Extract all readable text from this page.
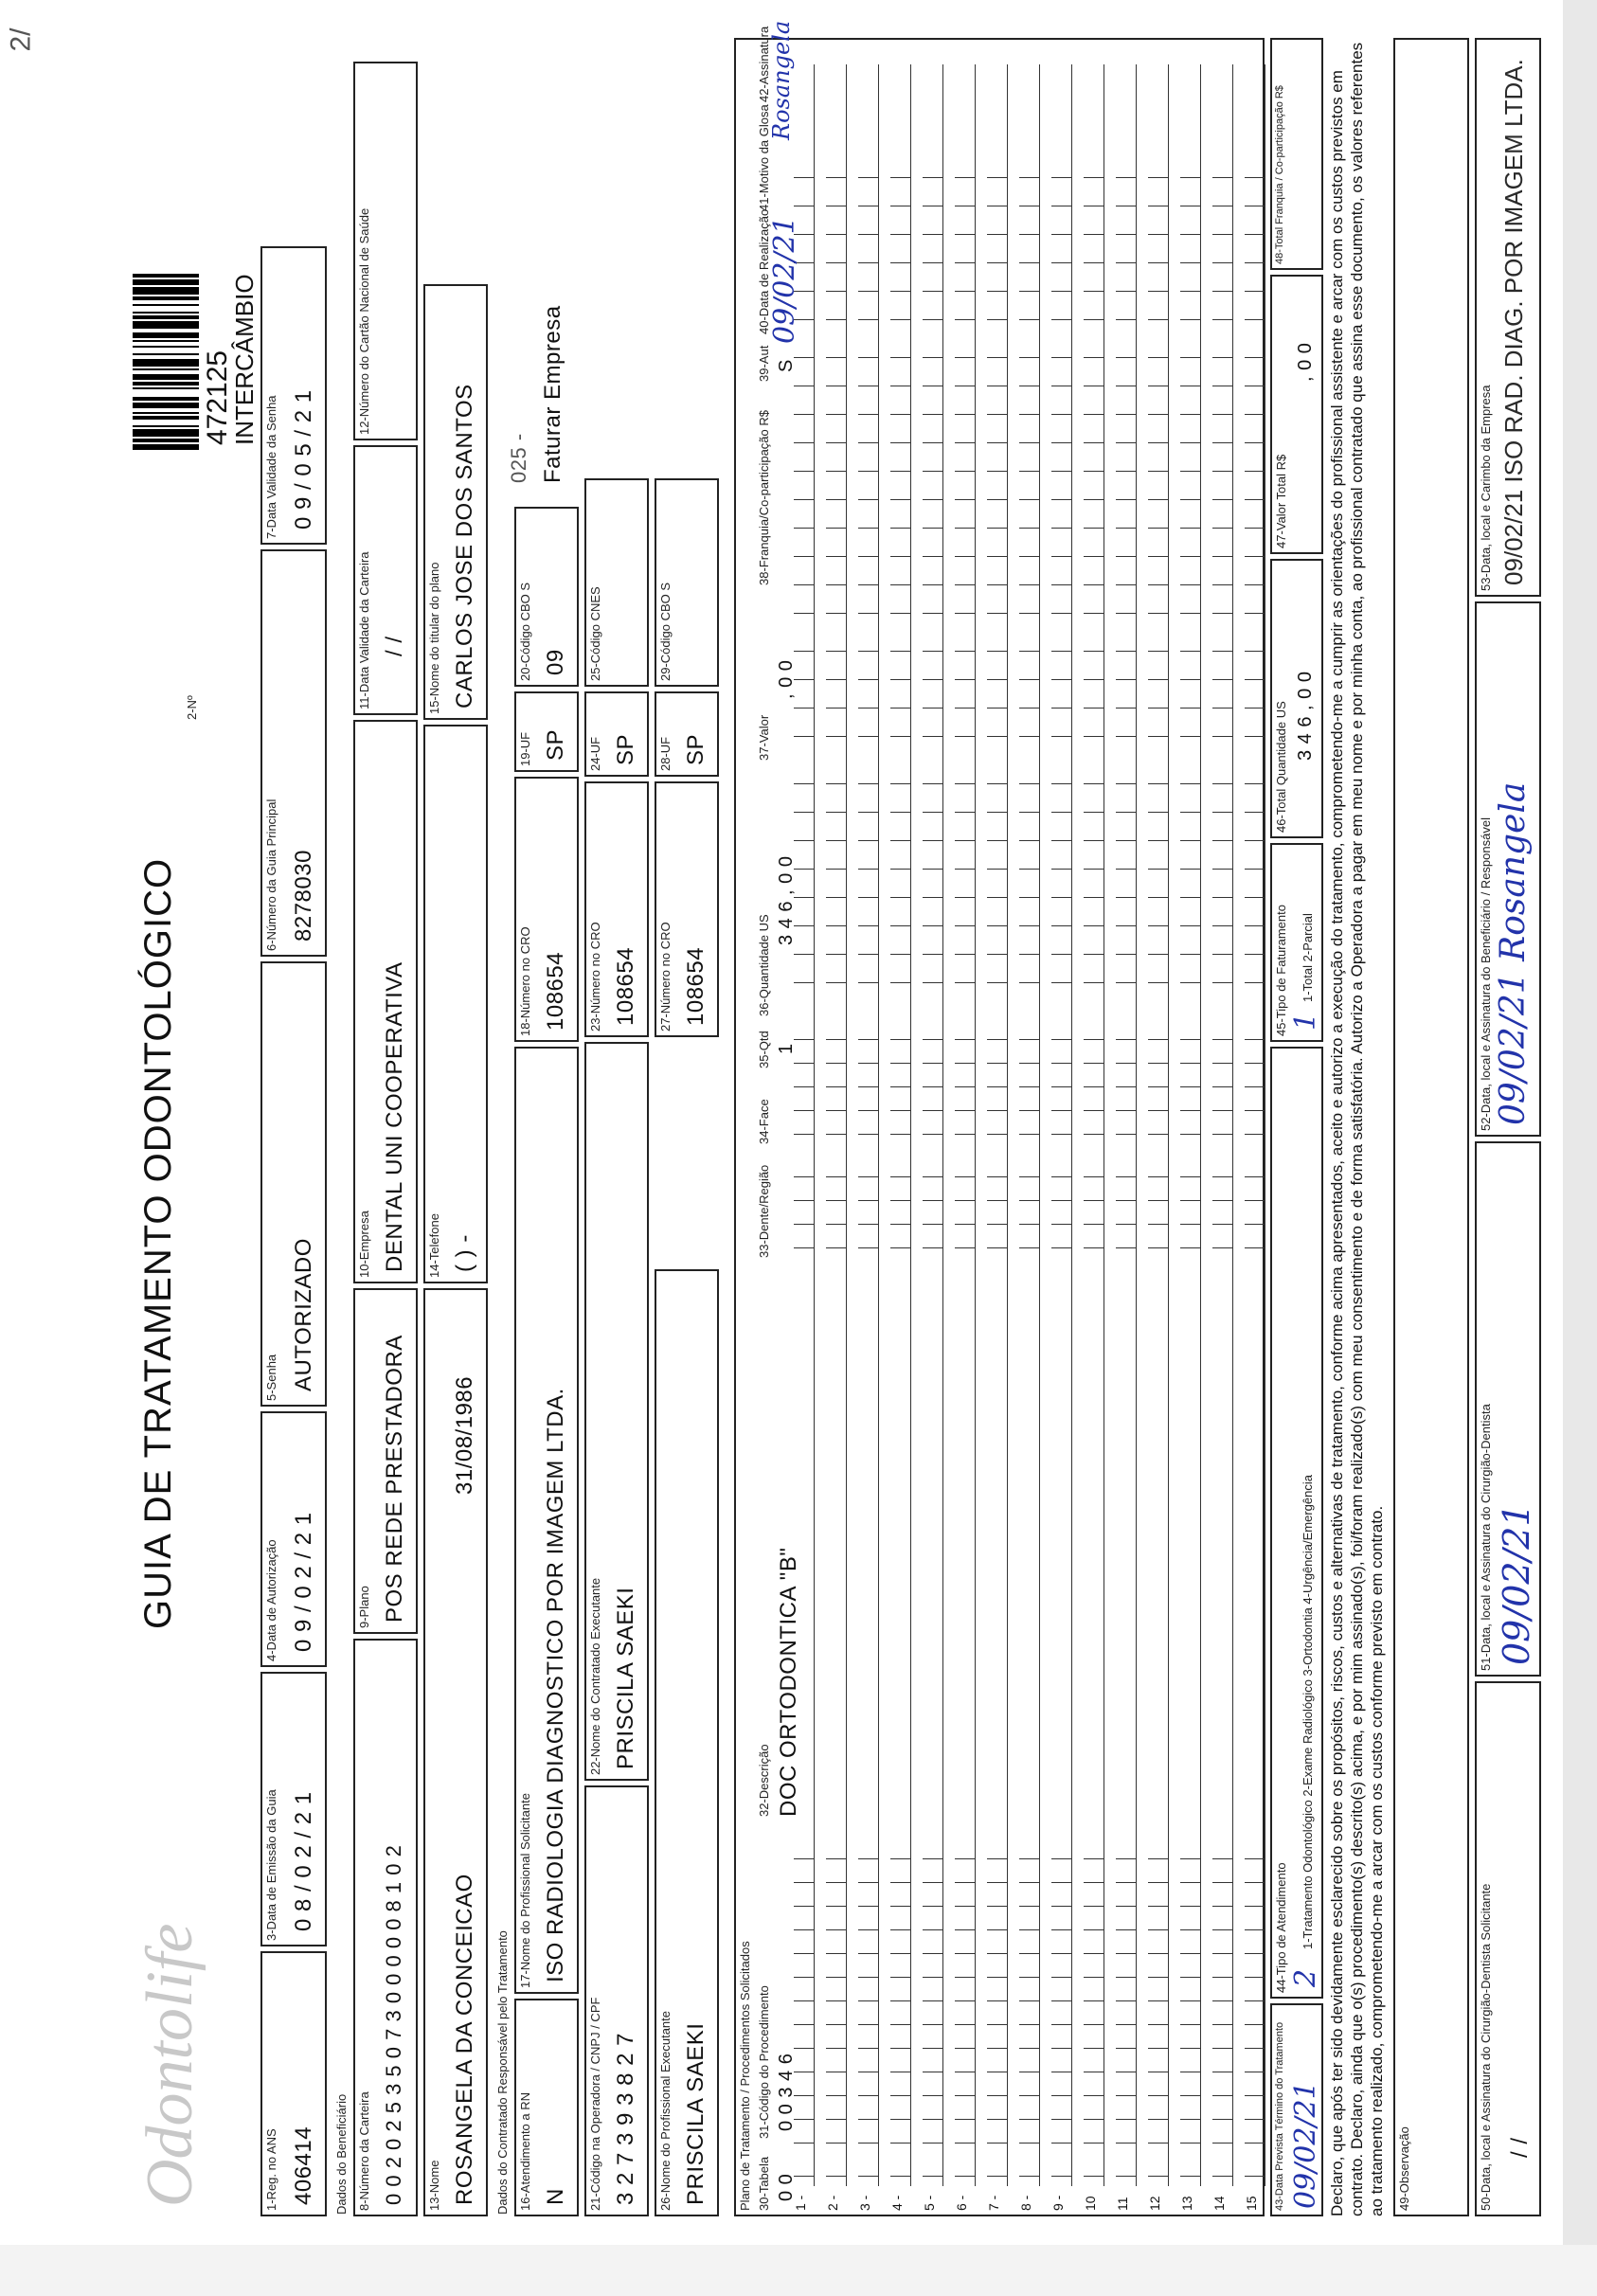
2/
Odontolife
GUIA DE TRATAMENTO ODONTOLÓGICO
2-Nº
472125
INTERCÂMBIO
1-Reg. no ANS 406414
3-Data de Emissão da Guia 0 8 / 0 2 / 2 1
4-Data de Autorização 0 9 / 0 2 / 2 1
5-Senha AUTORIZADO
6-Número da Guia Principal 8278030
7-Data Validade da Senha 0 9 / 0 5 / 2 1
Dados do Beneficiário 8-Número da Carteira 0 0 2 0 2 5 3 5 0 7 3 0 0 0 0 0 8 1 0 2
9-Plano POS REDE PRESTADORA
10-Empresa DENTAL UNI COOPERATIVA
11-Data Validade da Carteira / /
12-Número do Cartão Nacional de Saúde
13-Nome ROSANGELA DA CONCEICAO
31/08/1986
14-Telefone ( ) -
15-Nome do titular do plano CARLOS JOSE DOS SANTOS
Dados do Contratado Responsável pelo Tratamento 16-Atendimento a RN N
17-Nome do Profissional Solicitante ISO RADIOLOGIA DIAGNOSTICO POR IMAGEM LTDA.
18-Número no CRO 108654
19-UF SP
20-Código CBO S 09
025 - Faturar Empresa
21-Código na Operadora / CNPJ / CPF 3 2 7 3 9 3 8 2 7
22-Nome do Contratado Executante PRISCILA SAEKI
23-Número no CRO 108654
24-UF SP
25-Código CNES
26-Nome do Profissional Executante PRISCILA SAEKI
27-Número no CRO 108654
28-UF SP
29-Código CBO S
Plano de Tratamento / Procedimentos Solicitados 30-Tabela
31-Código do Procedimento
32-Descrição
33-Dente/Região
34-Face
35-Qtd
36-Quantidade US
37-Valor
38-Franquia/Co-participação R$
39-Aut
40-Data de Realização
41-Motivo da Glosa
42-Assinatura
1 - 2 - 3 - 4 - 5 - 6 - 7 - 8 - 9 - 10 11 12 13 14 15
0 0
0 0 3 4 6
DOC ORTODONTICA "B"
1
3 4 6 , 0 0
, 0 0
S
09/02/21
Rosangela
43-Data Prevista Término do Tratamento 09/02/21
44-Tipo de Atendimento 2
1-Tratamento Odontológico 2-Exame Radiológico 3-Ortodontia 4-Urgência/Emergência
45-Tipo de Faturamento 1
1-Total 2-Parcial
46-Total Quantidade US 3 4 6 , 0 0
47-Valor Total R$
, 0 0
48-Total Franquia / Co-participação R$	Declaro, que após ter sido devidamente esclarecido sobre os propósitos, riscos, custos e alternativas de tratamento, conforme acima apresentados, aceito e autorizo a execução do tratamento, comprometendo-me a cumprir as orientações do profissional assistente e arcar com os custos previstos em contrato. Declaro, ainda que o(s) procedimento(s) descrito(s) acima, e por mim assinado(s), foi/foram realizado(s) com meu consentimento e de forma satisfatória. Autorizo a Operadora a pagar em meu nome e por minha conta, ao profissional contratado que assina esse documento, os valores referentes ao tratamento realizado, comprometendo-me a arcar com os custos conforme previsto em contrato. 49-Observação	50-Data, local e Assinatura do Cirurgião-Dentista Solicitante / /
51-Data, local e Assinatura do Cirurgião-Dentista 09/02/21
52-Data, local e Assinatura do Beneficiário / Responsável 09/02/21 Rosangela
53-Data, local e Carimbo da Empresa 09/02/21 ISO RAD. DIAG. POR IMAGEM LTDA.
